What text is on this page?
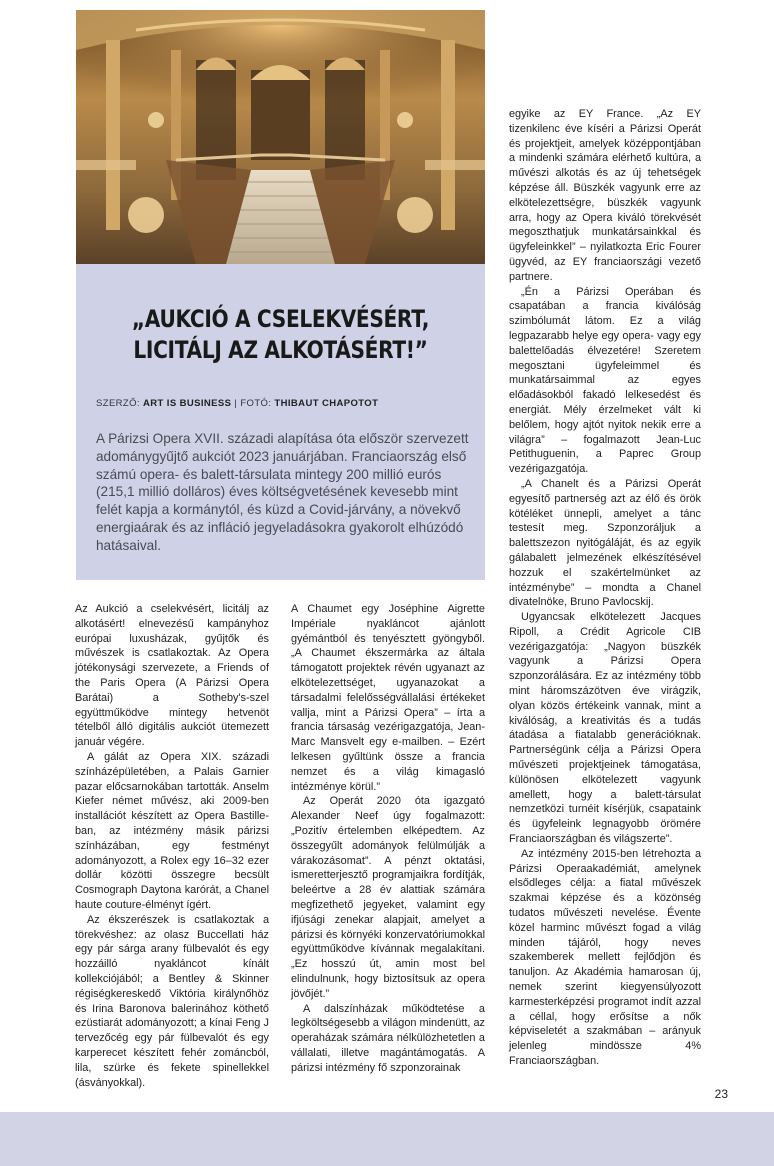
„AUKCIÓ A CSELEKVÉSÉRT,
LICITÁLJ AZ ALKOTÁSÉRT!”
SZERZŐ: ART IS BUSINESS | FOTÓ: THIBAUT CHAPOTOT
A Párizsi Opera XVII. századi alapítása óta először szervezett adománygyűjtő aukciót 2023 januárjában. Franciaország első számú opera- és balett-társulata mintegy 200 millió eurós (215,1 millió dolláros) éves költségvetésének kevesebb mint felét kapja a kormánytól, és küzd a Covid-járvány, a növekvő energiaárak és az infláció jegyeladásokra gyakorolt elhúzódó hatásaival.

Az Aukció a cselekvésért, licitálj az alkotásért! elnevezésű kampányhoz európai luxusházak, gyűjtők és művészek is csatlakoztak. Az Opera jótékonysági szervezete, a Friends of the Paris Opera (A Párizsi Opera Barátai) a Sotheby's-szel együttműködve mintegy hetvenöt tételből álló digitális aukciót ütemezett január végére.

A gálát az Opera XIX. századi színházépületében, a Palais Garnier pazar előcsarnokában tartották. Anselm Kiefer német művész, aki 2009-ben installációt készített az Opera Bastille-ban, az intézmény másik párizsi színházában, egy festményt adományozott, a Rolex egy 16–32 ezer dollár közötti összegre becsült Cosmograph Daytona karórát, a Chanel haute couture-élményt ígért.

Az ékszerészek is csatlakoztak a törekvéshez: az olasz Buccellati ház egy pár sárga arany fülbevalót és egy hozzáilló nyakláncot kínált kollekciójából; a Bentley & Skinner régiségkereskedő Viktória királynőhöz és Irina Baronova balerinához köthető ezüstiarát adományozott; a kínai Feng J tervezőcég egy pár fülbevalót és egy karperecet készített fehér zománcból, lila, szürke és fekete spinellekkel (ásványokkal).

A Chaumet egy Joséphine Aigrette Impériale nyakláncot ajánlott gyémántból és tenyésztett gyöngyből. „A Chaumet ékszermárka az általa támogatott projektek révén ugyanazt az elkötelezettséget, ugyanazokat a társadalmi felelősségvállalási értékeket vallja, mint a Párizsi Opera” – írta a francia társaság vezérigazgatója, Jean-Marc Mansvelt egy e-mailben. – Ezért lelkesen gyűltünk össze a francia nemzet és a világ kimagasló intézménye körül.”

Az Operát 2020 óta igazgató Alexander Neef úgy fogalmazott: „Pozitív értelemben elképedtem. Az összegyűlt adományok felülmúlják a várakozásomat”. A pénzt oktatási, ismeretterjesztő programjaikra fordítják, beleértve a 28 év alattiak számára megfizethető jegyeket, valamint egy ifjúsági zenekar alapjait, amelyet a párizsi és környéki konzervatóriumokkal együttműködve kívánnak megalakítani. „Ez hosszú út, amin most bel elindulnunk, hogy biztosítsuk az opera jövőjét.”

A dalszínházak működtetése a legköltségesebb a világon mindenütt, az operaházak számára nélkülözhetetlen a vállalati, illetve magántámogatás. A párizsi intézmény fő szponzorainak

egyike az EY France. „Az EY tizenkilenc éve kíséri a Párizsi Operát és projektjeit, amelyek középpontjában a mindenki számára elérhető kultúra, a művészi alkotás és az új tehetségek képzése áll. Büszkék vagyunk erre az elkötelezettségre, büszkék vagyunk arra, hogy az Opera kiváló törekvését megoszthatjuk munkatársainkkal és ügyfeleinkkel” – nyilatkozta Eric Fourer ügyvéd, az EY franciaországi vezető partnere.

„Én a Párizsi Operában és csapatában a francia kiválóság szimbólumát látom. Ez a világ legpazarabb helye egy opera- vagy egy balettelőadás élvezetére! Szeretem megosztani ügyfeleimmel és munkatársaimmal az egyes előadásokból fakadó lelkesedést és energiát. Mély érzelmeket vált ki belőlem, hogy ajtót nyitok nekik erre a világra” – fogalmazott Jean-Luc Petithuguenin, a Paprec Group vezérigazgatója.

„A Chanelt és a Párizsi Operát egyesítő partnerség azt az élő és örök kötéléket ünnepli, amelyet a tánc testesít meg. Szponzoráljuk a balettszezon nyitógáláját, és az egyik gálabalett jelmezének elkészítésével hozzuk el szakértelmünket az intézménybe” – mondta a Chanel divatelnöke, Bruno Pavlocskij.

Ugyancsak elkötelezett Jacques Ripoll, a Crédit Agricole CIB vezérigazgatója: „Nagyon büszkék vagyunk a Párizsi Opera szponzorálására. Ez az intézmény több mint háromszázötven éve virágzik, olyan közös értékeink vannak, mint a kiválóság, a kreativitás és a tudás átadása a fiatalabb generációknak. Partnerségünk célja a Párizsi Opera művészeti projektjeinek támogatása, különösen elkötelezett vagyunk amellett, hogy a balett-társulat nemzetközi turnéit kísérjük, csapataink és ügyfeleink legnagyobb örömére Franciaországban és világszerte”.

Az intézmény 2015-ben létrehozta a Párizsi Operaakadémiát, amelynek elsődleges célja: a fiatal művészek szakmai képzése és a közönség tudatos művészeti nevelése. Évente közel harminc művészt fogad a világ minden tájáról, hogy neves szakemberek mellett fejlődjön és tanuljon. Az Akadémia hamarosan új, nemek szerint kiegyensúlyozott karmesterképzési programot indít azzal a céllal, hogy erősítse a nők képviseletét a szakmában – arányuk jelenleg mindössze 4% Franciaországban.

23
